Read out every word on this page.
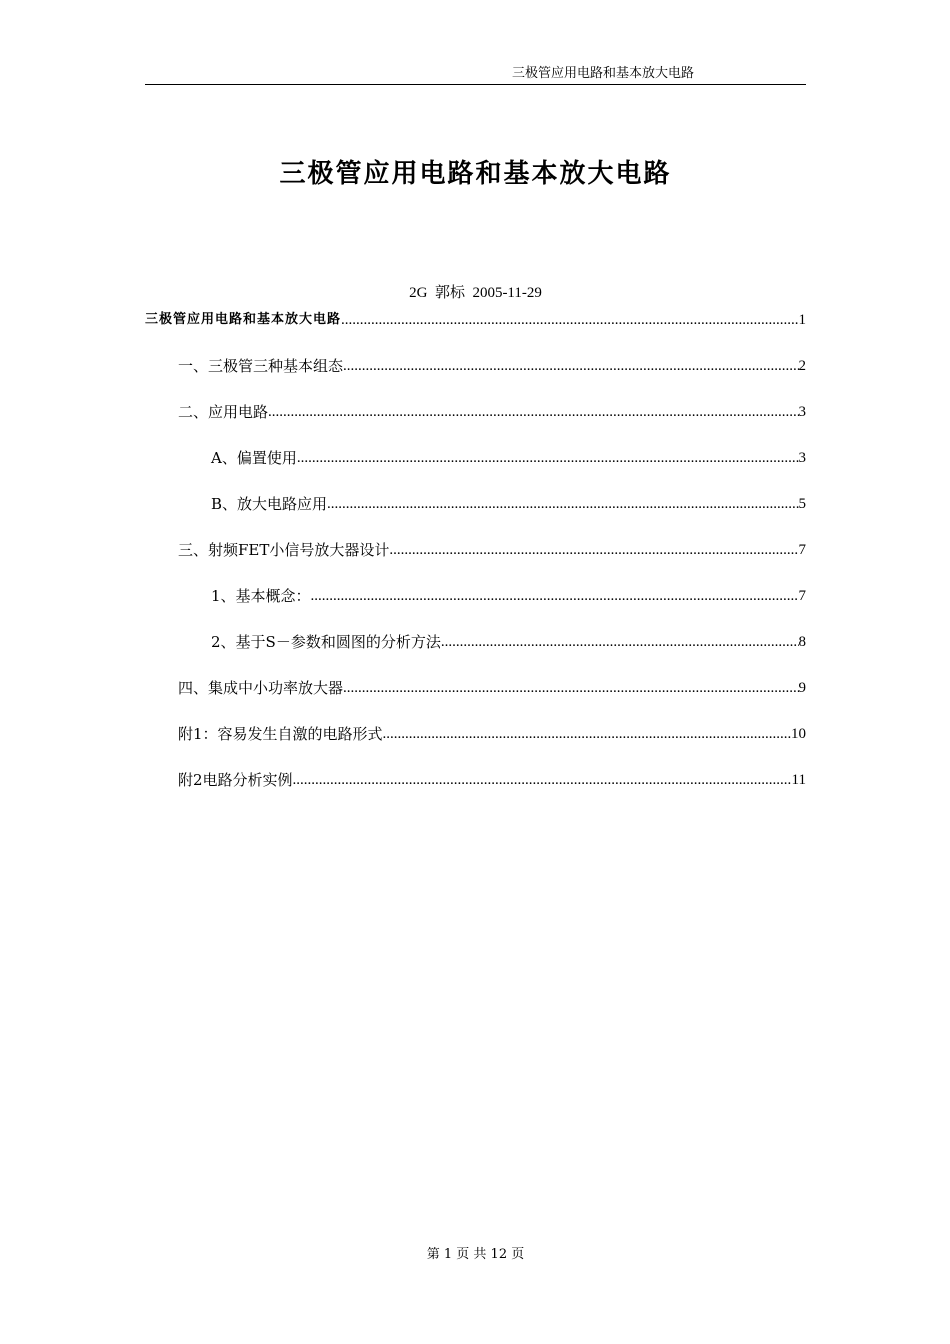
三极管应用电路和基本放大电路
三极管应用电路和基本放大电路
2G  郭标  2005-11-29
三极管应用电路和基本放大电路 .....	1
一、三极管三种基本组态 .....	2
二、应用电路 .....	3
A、偏置使用 .....	3
B、放大电路应用 .....	5
三、射频FET小信号放大器设计 .....	7
1、基本概念： .....	7
2、基于S－参数和圆图的分析方法 .....	8
四、集成中小功率放大器 .....	9
附1：容易发生自激的电路形式 .....	10
附2电路分析实例 .....	11
第 1 页 共 12 页
